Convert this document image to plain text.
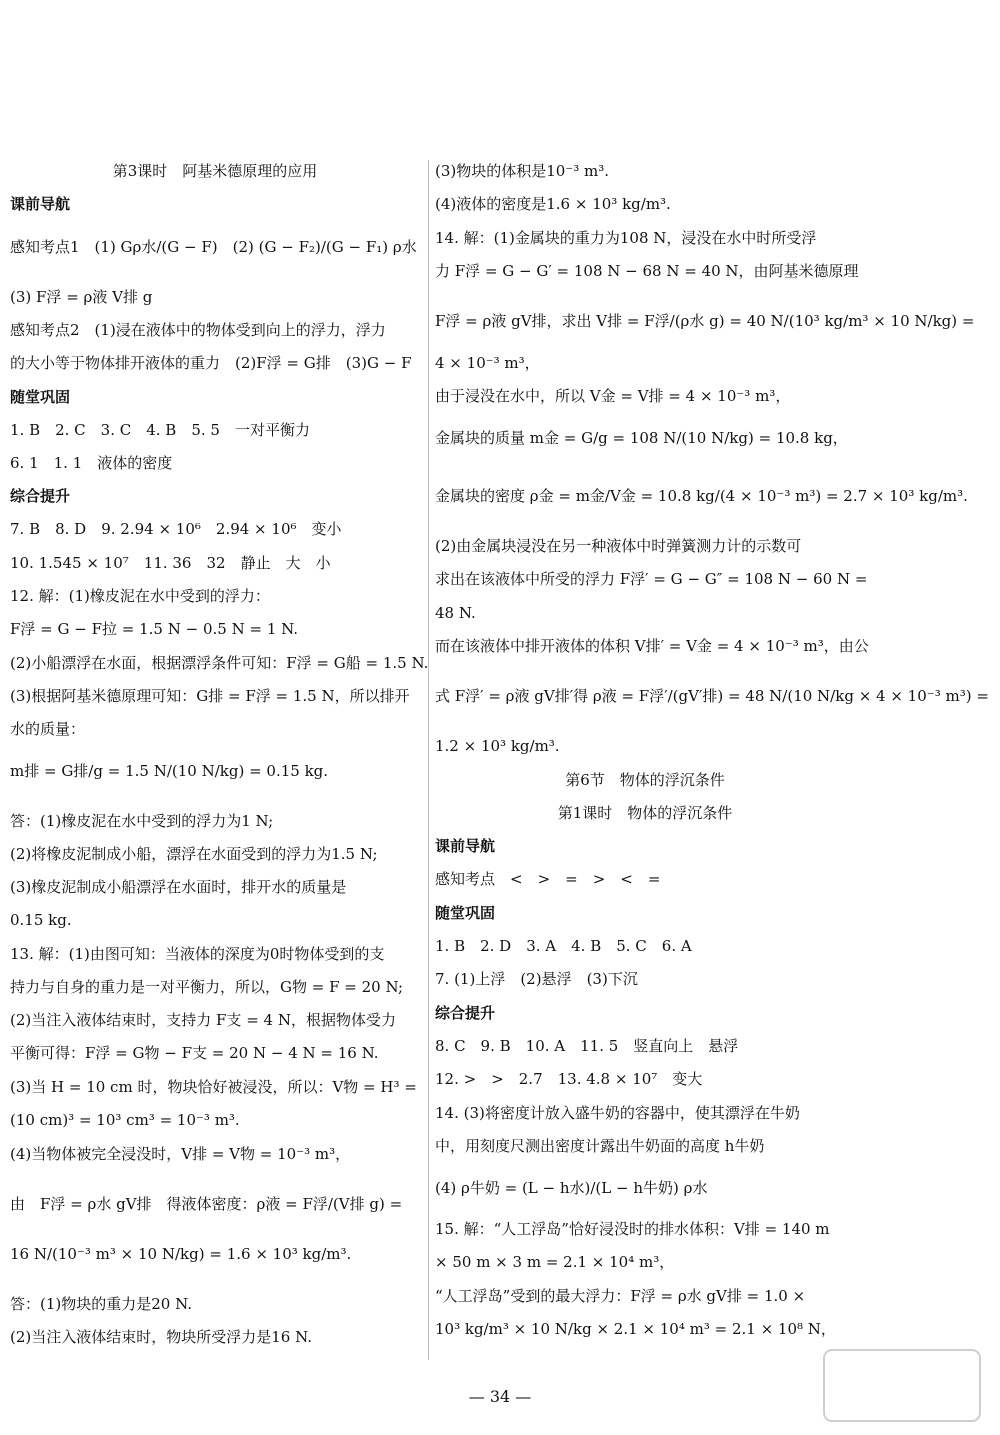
第3课时　阿基米德原理的应用
课前导航
感知考点1　(1) Gρ水/(G − F)　(2) (G − F₂)/(G − F₁) ρ水
(3) F浮 = ρ液 V排 g
感知考点2　(1)浸在液体中的物体受到向上的浮力，浮力
的大小等于物体排开液体的重力　(2)F浮 = G排　(3)G − F
随堂巩固
1. B　2. C　3. C　4. B　5. 5　一对平衡力
6. 1　1. 1　液体的密度
综合提升
7. B　8. D　9. 2.94 × 10⁶　2.94 × 10⁶　变小
10. 1.545 × 10⁷　11. 36　32　静止　大　小
12. 解：(1)橡皮泥在水中受到的浮力：
F浮 = G − F拉 = 1.5 N − 0.5 N = 1 N.
(2)小船漂浮在水面，根据漂浮条件可知：F浮 = G船 = 1.5 N.
(3)根据阿基米德原理可知：G排 = F浮 = 1.5 N，所以排开
水的质量：
m排 = G排/g = 1.5 N/(10 N/kg) = 0.15 kg.
答：(1)橡皮泥在水中受到的浮力为1 N;
(2)将橡皮泥制成小船，漂浮在水面受到的浮力为1.5 N;
(3)橡皮泥制成小船漂浮在水面时，排开水的质量是
0.15 kg.
13. 解：(1)由图可知：当液体的深度为0时物体受到的支
持力与自身的重力是一对平衡力，所以，G物 = F = 20 N;
(2)当注入液体结束时，支持力 F支 = 4 N，根据物体受力
平衡可得：F浮 = G物 − F支 = 20 N − 4 N = 16 N.
(3)当 H = 10 cm 时，物块恰好被浸没，所以：V物 = H³ =
(10 cm)³ = 10³ cm³ = 10⁻³ m³.
(4)当物体被完全浸没时，V排 = V物 = 10⁻³ m³，
由　F浮 = ρ水 gV排　得液体密度：ρ液 = F浮/(V排 g) =
16 N/(10⁻³ m³ × 10 N/kg) = 1.6 × 10³ kg/m³.
答：(1)物块的重力是20 N.
(2)当注入液体结束时，物块所受浮力是16 N.
(3)物块的体积是10⁻³ m³.
(4)液体的密度是1.6 × 10³ kg/m³.
14. 解：(1)金属块的重力为108 N，浸没在水中时所受浮
力 F浮 = G − G′ = 108 N − 68 N = 40 N，由阿基米德原理
F浮 = ρ液 gV排，求出 V排 = F浮/(ρ水 g) = 40 N/(10³ kg/m³ × 10 N/kg) =
4 × 10⁻³ m³，
由于浸没在水中，所以 V金 = V排 = 4 × 10⁻³ m³，
金属块的质量 m金 = G/g = 108 N/(10 N/kg) = 10.8 kg，
金属块的密度 ρ金 = m金/V金 = 10.8 kg/(4 × 10⁻³ m³) = 2.7 × 10³ kg/m³.
(2)由金属块浸没在另一种液体中时弹簧测力计的示数可
求出在该液体中所受的浮力 F浮′ = G − G″ = 108 N − 60 N =
48 N.
而在该液体中排开液体的体积 V排′ = V金 = 4 × 10⁻³ m³，由公
式 F浮′ = ρ液 gV排′得 ρ液 = F浮′/(gV′排) = 48 N/(10 N/kg × 4 × 10⁻³ m³) =
1.2 × 10³ kg/m³.
第6节　物体的浮沉条件
第1课时　物体的浮沉条件
课前导航
感知考点　<　>　=　>　<　=
随堂巩固
1. B　2. D　3. A　4. B　5. C　6. A
7. (1)上浮　(2)悬浮　(3)下沉
综合提升
8. C　9. B　10. A　11. 5　竖直向上　悬浮
12. >　>　2.7　13. 4.8 × 10⁷　变大
14. (3)将密度计放入盛牛奶的容器中，使其漂浮在牛奶
中，用刻度尺测出密度计露出牛奶面的高度 h牛奶
(4) ρ牛奶 = (L − h水)/(L − h牛奶) ρ水
15. 解：“人工浮岛”恰好浸没时的排水体积：V排 = 140 m
× 50 m × 3 m = 2.1 × 10⁴ m³，
“人工浮岛”受到的最大浮力：F浮 = ρ水 gV排 = 1.0 ×
10³ kg/m³ × 10 N/kg × 2.1 × 10⁴ m³ = 2.1 × 10⁸ N，
— 34 —
